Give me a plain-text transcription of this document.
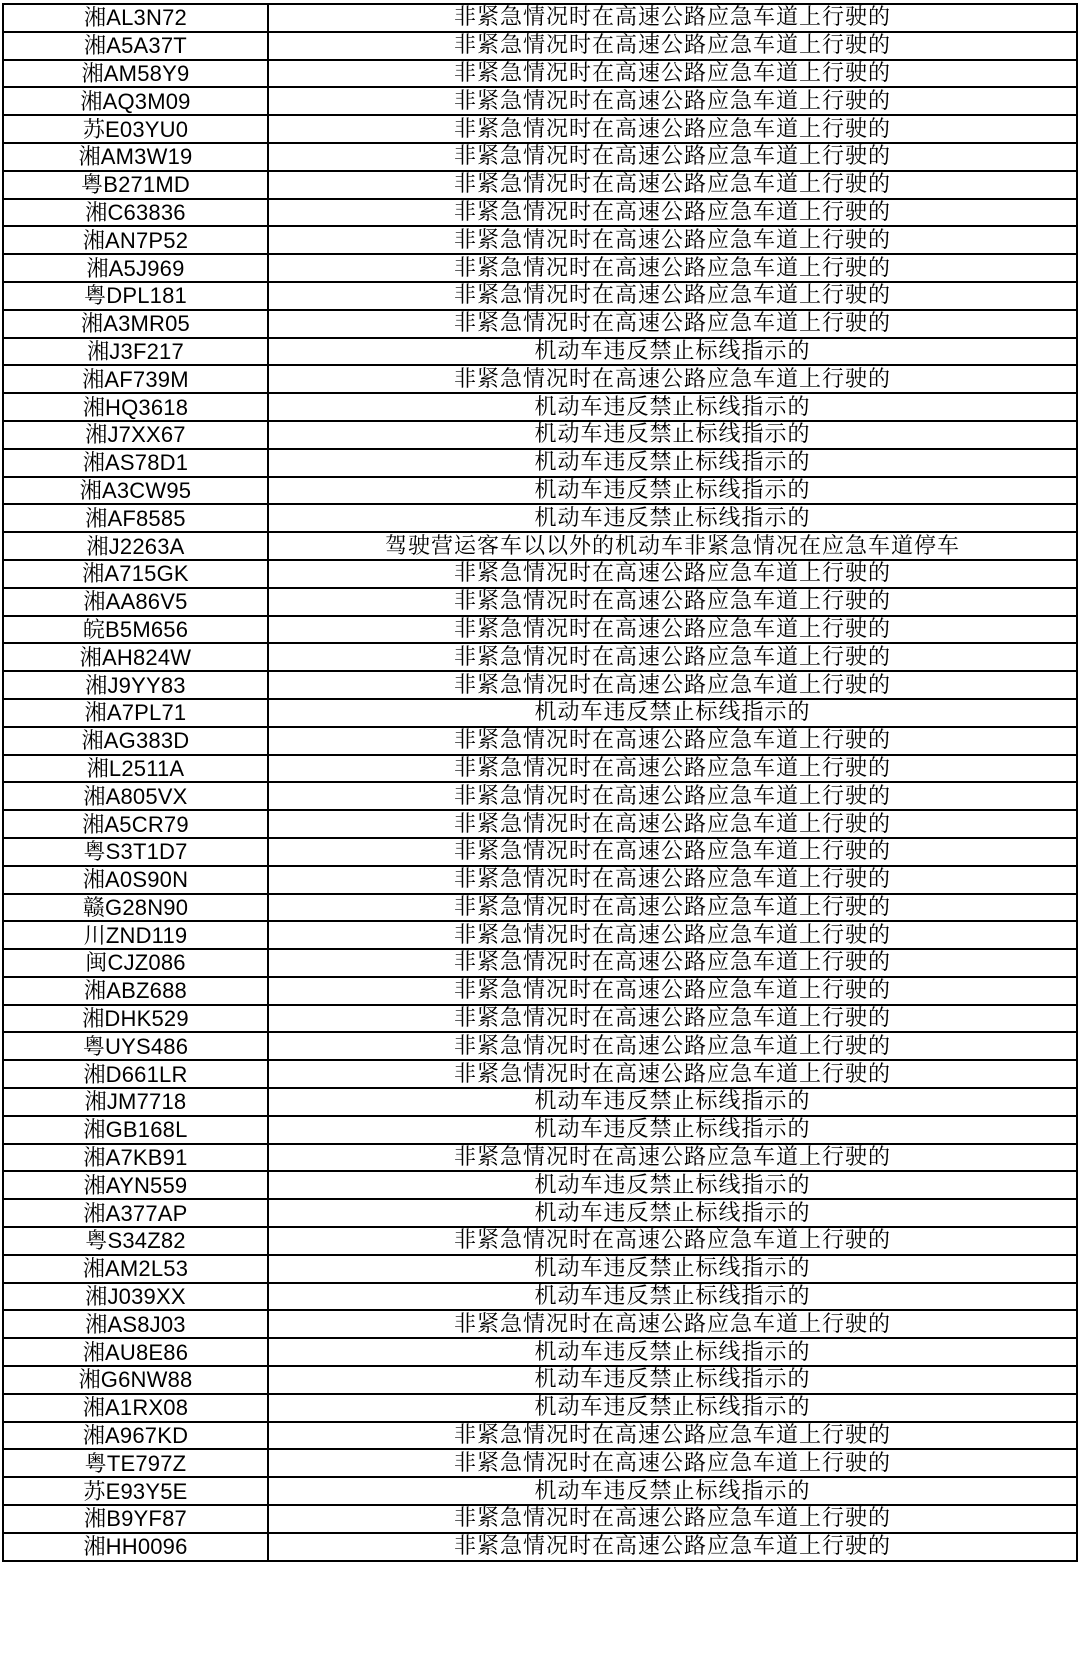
湘AL3N72	非紧急情况时在高速公路应急车道上行驶的
湘A5A37T	非紧急情况时在高速公路应急车道上行驶的
湘AM58Y9	非紧急情况时在高速公路应急车道上行驶的
湘AQ3M09	非紧急情况时在高速公路应急车道上行驶的
苏E03YU0	非紧急情况时在高速公路应急车道上行驶的
湘AM3W19	非紧急情况时在高速公路应急车道上行驶的
粤B271MD	非紧急情况时在高速公路应急车道上行驶的
湘C63836	非紧急情况时在高速公路应急车道上行驶的
湘AN7P52	非紧急情况时在高速公路应急车道上行驶的
湘A5J969	非紧急情况时在高速公路应急车道上行驶的
粤DPL181	非紧急情况时在高速公路应急车道上行驶的
湘A3MR05	非紧急情况时在高速公路应急车道上行驶的
湘J3F217	机动车违反禁止标线指示的
湘AF739M	非紧急情况时在高速公路应急车道上行驶的
湘HQ3618	机动车违反禁止标线指示的
湘J7XX67	机动车违反禁止标线指示的
湘AS78D1	机动车违反禁止标线指示的
湘A3CW95	机动车违反禁止标线指示的
湘AF8585	机动车违反禁止标线指示的
湘J2263A	驾驶营运客车以以外的机动车非紧急情况在应急车道停车
湘A715GK	非紧急情况时在高速公路应急车道上行驶的
湘AA86V5	非紧急情况时在高速公路应急车道上行驶的
皖B5M656	非紧急情况时在高速公路应急车道上行驶的
湘AH824W	非紧急情况时在高速公路应急车道上行驶的
湘J9YY83	非紧急情况时在高速公路应急车道上行驶的
湘A7PL71	机动车违反禁止标线指示的
湘AG383D	非紧急情况时在高速公路应急车道上行驶的
湘L2511A	非紧急情况时在高速公路应急车道上行驶的
湘A805VX	非紧急情况时在高速公路应急车道上行驶的
湘A5CR79	非紧急情况时在高速公路应急车道上行驶的
粤S3T1D7	非紧急情况时在高速公路应急车道上行驶的
湘A0S90N	非紧急情况时在高速公路应急车道上行驶的
赣G28N90	非紧急情况时在高速公路应急车道上行驶的
川ZND119	非紧急情况时在高速公路应急车道上行驶的
闽CJZ086	非紧急情况时在高速公路应急车道上行驶的
湘ABZ688	非紧急情况时在高速公路应急车道上行驶的
湘DHK529	非紧急情况时在高速公路应急车道上行驶的
粤UYS486	非紧急情况时在高速公路应急车道上行驶的
湘D661LR	非紧急情况时在高速公路应急车道上行驶的
湘JM7718	机动车违反禁止标线指示的
湘GB168L	机动车违反禁止标线指示的
湘A7KB91	非紧急情况时在高速公路应急车道上行驶的
湘AYN559	机动车违反禁止标线指示的
湘A377AP	机动车违反禁止标线指示的
粤S34Z82	非紧急情况时在高速公路应急车道上行驶的
湘AM2L53	机动车违反禁止标线指示的
湘J039XX	机动车违反禁止标线指示的
湘AS8J03	非紧急情况时在高速公路应急车道上行驶的
湘AU8E86	机动车违反禁止标线指示的
湘G6NW88	机动车违反禁止标线指示的
湘A1RX08	机动车违反禁止标线指示的
湘A967KD	非紧急情况时在高速公路应急车道上行驶的
粤TE797Z	非紧急情况时在高速公路应急车道上行驶的
苏E93Y5E	机动车违反禁止标线指示的
湘B9YF87	非紧急情况时在高速公路应急车道上行驶的
湘HH0096	非紧急情况时在高速公路应急车道上行驶的
